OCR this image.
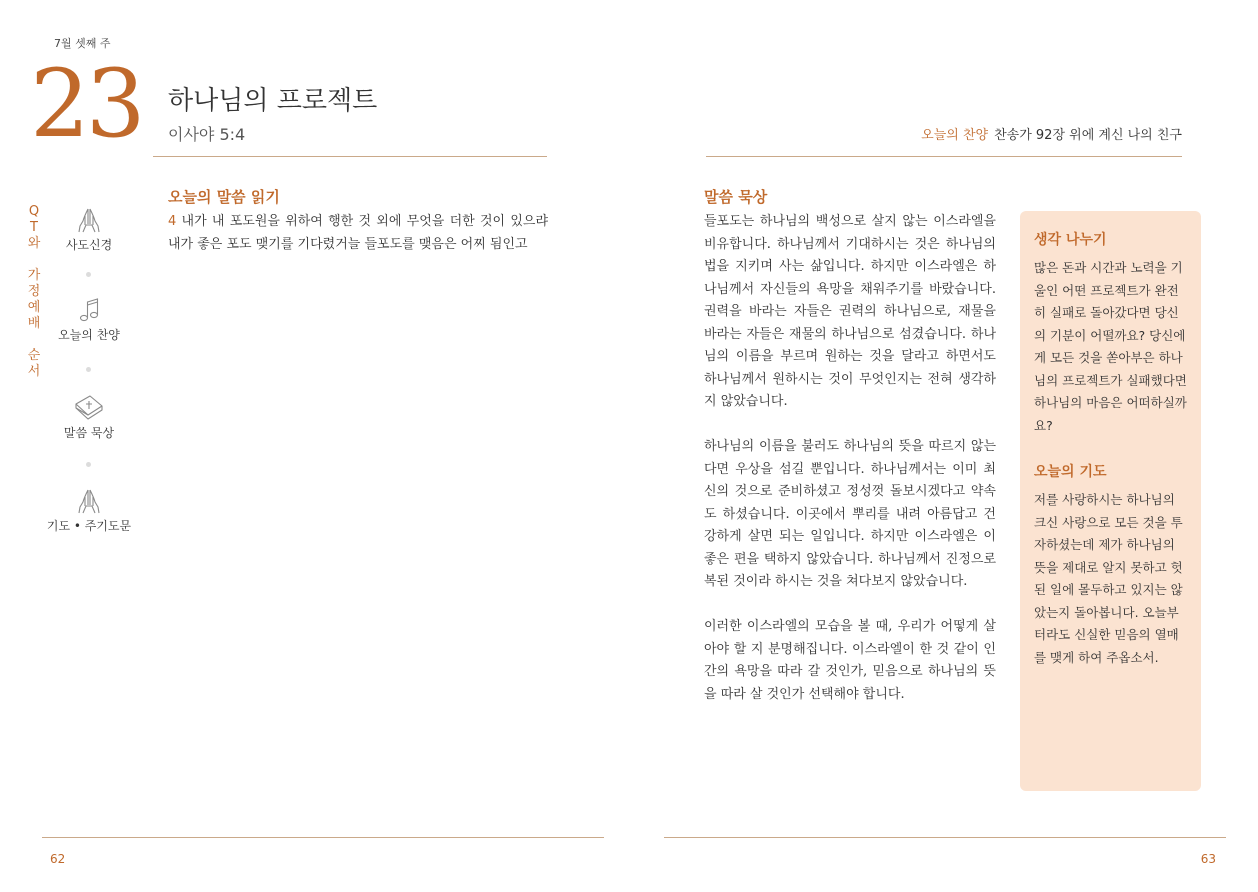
7월 셋째 주
23 하나님의 프로젝트
이사야 5:4
Q
T
와
가
정
예
배
순
서
사도신경
오늘의 찬양
말씀 묵상
기도 • 주기도문
오늘의 말씀 읽기

4 내가 내 포도원을 위하여 행한 것 외에 무엇을 더한 것이 있으랴 내가 좋은 포도 맺기를 기다렸거늘 들포도를 맺음은 어찌 됨인고

62
오늘의 찬양 찬송가 92장 위에 계신 나의 친구
말씀 묵상

들포도는 하나님의 백성으로 살지 않는 이스라엘을 비유합니다. 하나님께서 기대하시는 것은 하나님의 법을 지키며 사는 삶입니다. 하지만 이스라엘은 하나님께서 자신들의 욕망을 채워주기를 바랐습니다. 권력을 바라는 자들은 권력의 하나님으로, 재물을 바라는 자들은 재물의 하나님으로 섬겼습니다. 하나님의 이름을 부르며 원하는 것을 달라고 하면서도 하나님께서 원하시는 것이 무엇인지는 전혀 생각하지 않았습니다.

하나님의 이름을 불러도 하나님의 뜻을 따르지 않는다면 우상을 섬길 뿐입니다. 하나님께서는 이미 최신의 것으로 준비하셨고 정성껏 돌보시겠다고 약속도 하셨습니다. 이곳에서 뿌리를 내려 아름답고 건강하게 살면 되는 일입니다. 하지만 이스라엘은 이 좋은 편을 택하지 않았습니다. 하나님께서 진정으로 복된 것이라 하시는 것을 쳐다보지 않았습니다.

이러한 이스라엘의 모습을 볼 때, 우리가 어떻게 살아야 할 지 분명해집니다. 이스라엘이 한 것 같이 인간의 욕망을 따라 갈 것인가, 믿음으로 하나님의 뜻을 따라 살 것인가 선택해야 합니다.

생각 나누기

많은 돈과 시간과 노력을 기울인 어떤 프로젝트가 완전히 실패로 돌아갔다면 당신의 기분이 어떨까요? 당신에게 모든 것을 쏟아부은 하나님의 프로젝트가 실패했다면 하나님의 마음은 어떠하실까요?

오늘의 기도

저를 사랑하시는 하나님의 크신 사랑으로 모든 것을 투자하셨는데 제가 하나님의 뜻을 제대로 알지 못하고 헛된 일에 몰두하고 있지는 않았는지 돌아봅니다. 오늘부터라도 신실한 믿음의 열매를 맺게 하여 주옵소서.

63
